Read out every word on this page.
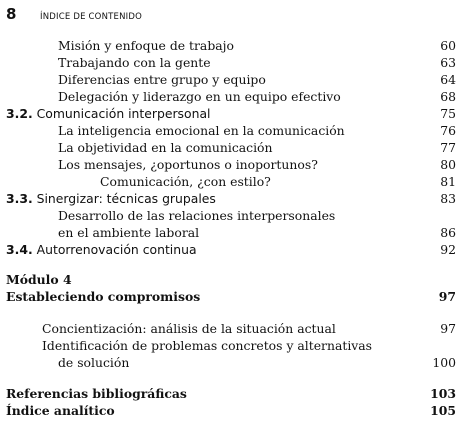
8	ÍNDICE DE CONTENIDO
Misión y enfoque de trabajo	60
Trabajando con la gente	63
Diferencias entre grupo y equipo	64
Delegación y liderazgo en un equipo efectivo	68
3.2. Comunicación interpersonal	75
La inteligencia emocional en la comunicación	76
La objetividad en la comunicación	77
Los mensajes, ¿oportunos o inoportunos?	80
Comunicación, ¿con estilo?	81
3.3. Sinergizar: técnicas grupales	83
Desarrollo de las relaciones interpersonales
en el ambiente laboral	86
3.4. Autorrenovación continua	92
Módulo 4
Estableciendo compromisos	97
Concientización: análisis de la situación actual	97
Identificación de problemas concretos y alternativas
de solución	100
Referencias bibliográficas	103
Índice analítico	105
